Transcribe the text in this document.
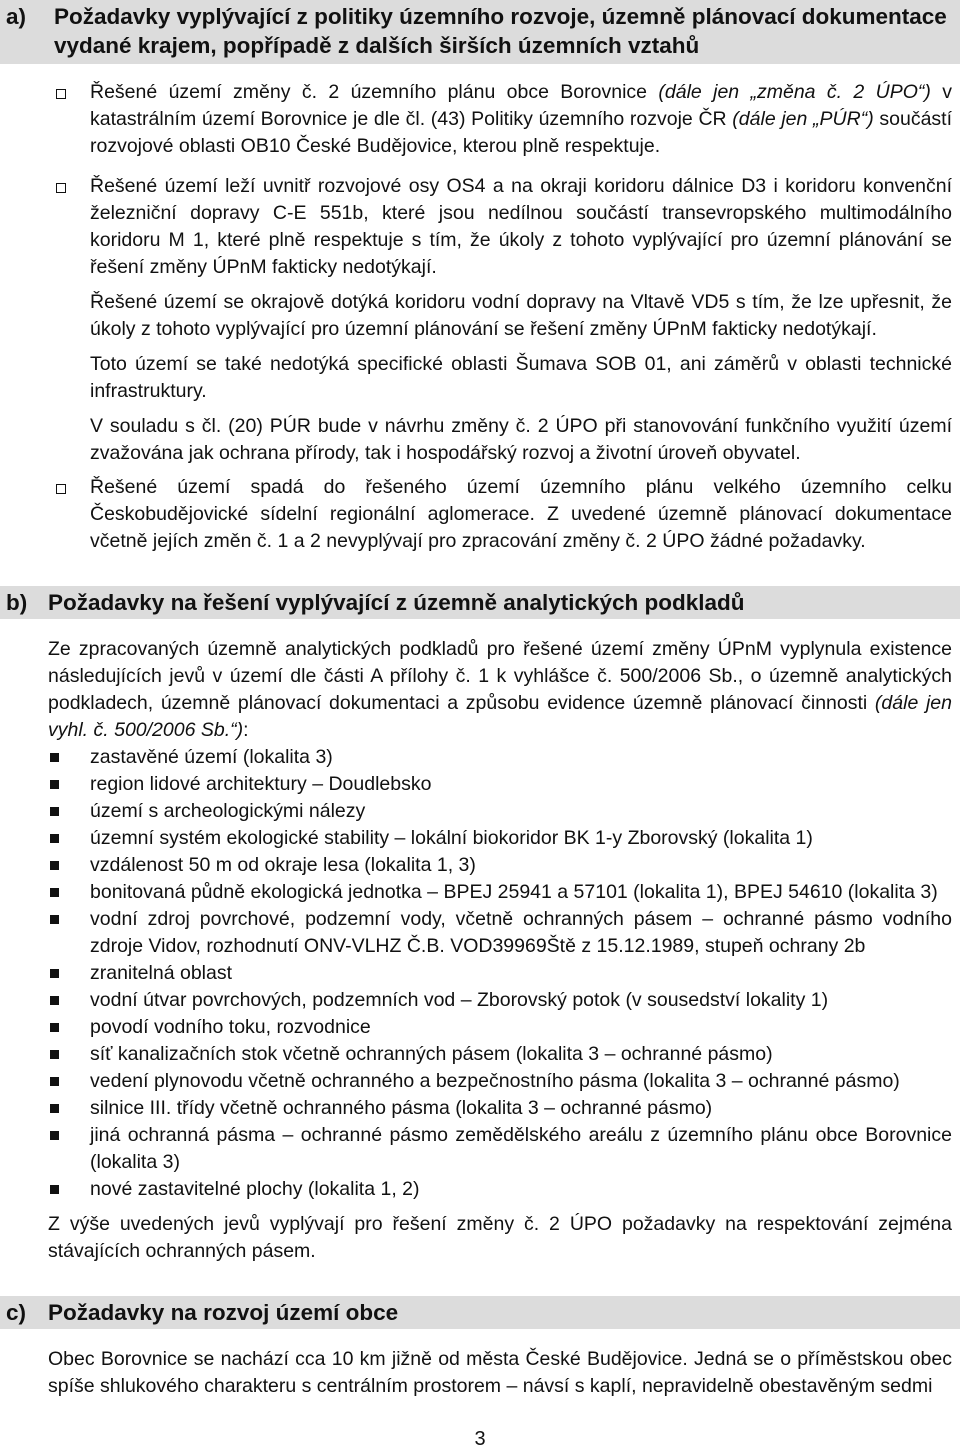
a)	Požadavky vyplývající z politiky územního rozvoje, územně plánovací dokumentace vydané krajem, popřípadě z dalších širších územních vztahů
Řešené území změny č. 2 územního plánu obce Borovnice (dále jen „změna č. 2 ÚPO“) v katastrálním území Borovnice je dle čl. (43) Politiky územního rozvoje ČR (dále jen „PÚR“) součástí rozvojové oblasti OB10 České Budějovice, kterou plně respektuje.

Řešené území leží uvnitř rozvojové osy OS4 a na okraji koridoru dálnice D3 i koridoru konvenční železniční dopravy C-E 551b, které jsou nedílnou součástí transevropského multimodálního koridoru M 1, které plně respektuje s tím, že úkoly z tohoto vyplývající pro územní plánování se řešení změny ÚPnM fakticky nedotýkají.

Řešené území se okrajově dotýká koridoru vodní dopravy na Vltavě VD5 s tím, že lze upřesnit, že úkoly z tohoto vyplývající pro územní plánování se řešení změny ÚPnM fakticky nedotýkají.

Toto území se také nedotýká specifické oblasti Šumava SOB 01, ani záměrů v oblasti technické infrastruktury.

V souladu s čl. (20) PÚR bude v návrhu změny č. 2 ÚPO při stanovování funkčního využití území zvažována jak ochrana přírody, tak i hospodářský rozvoj a životní úroveň obyvatel.

Řešené území spadá do řešeného území územního plánu velkého územního celku Českobudějovické sídelní regionální aglomerace. Z uvedené územně plánovací dokumentace včetně jejích změn č. 1 a 2 nevyplývají pro zpracování změny č. 2 ÚPO žádné požadavky.
b) Požadavky na řešení vyplývající z územně analytických podkladů
Ze zpracovaných územně analytických podkladů pro řešené území změny ÚPnM vyplynula existence následujících jevů v území dle části A přílohy č. 1 k vyhlášce č. 500/2006 Sb., o územně analytických podkladech, územně plánovací dokumentaci a způsobu evidence územně plánovací činnosti (dále jen vyhl. č. 500/2006 Sb.“):
zastavěné území (lokalita 3)
region lidové architektury – Doudlebsko
území s archeologickými nálezy
územní systém ekologické stability – lokální biokoridor BK 1-y Zborovský (lokalita 1)
vzdálenost 50 m od okraje lesa (lokalita 1, 3)
bonitovaná půdně ekologická jednotka – BPEJ 25941 a 57101 (lokalita 1), BPEJ 54610 (lokalita 3)
vodní zdroj povrchové, podzemní vody, včetně ochranných pásem – ochranné pásmo vodního zdroje Vidov, rozhodnutí ONV-VLHZ Č.B. VOD39969Ště z 15.12.1989, stupeň ochrany 2b
zranitelná oblast
vodní útvar povrchových, podzemních vod – Zborovský potok (v sousedství lokality 1)
povodí vodního toku, rozvodnice
síť kanalizačních stok včetně ochranných pásem (lokalita 3 – ochranné pásmo)
vedení plynovodu včetně ochranného a bezpečnostního pásma (lokalita 3 – ochranné pásmo)
silnice III. třídy včetně ochranného pásma (lokalita 3 – ochranné pásmo)
jiná ochranná pásma – ochranné pásmo zemědělského areálu z územního plánu obce Borovnice (lokalita 3)
nové zastavitelné plochy (lokalita 1, 2)
Z výše uvedených jevů vyplývají pro řešení změny č. 2 ÚPO požadavky na respektování zejména stávajících ochranných pásem.
c) Požadavky na rozvoj území obce
Obec Borovnice se nachází cca 10 km jižně od města České Budějovice. Jedná se o příměstskou obec spíše shlukového charakteru s centrálním prostorem – návsí s kaplí, nepravidelně obestavěným sedmi
3
